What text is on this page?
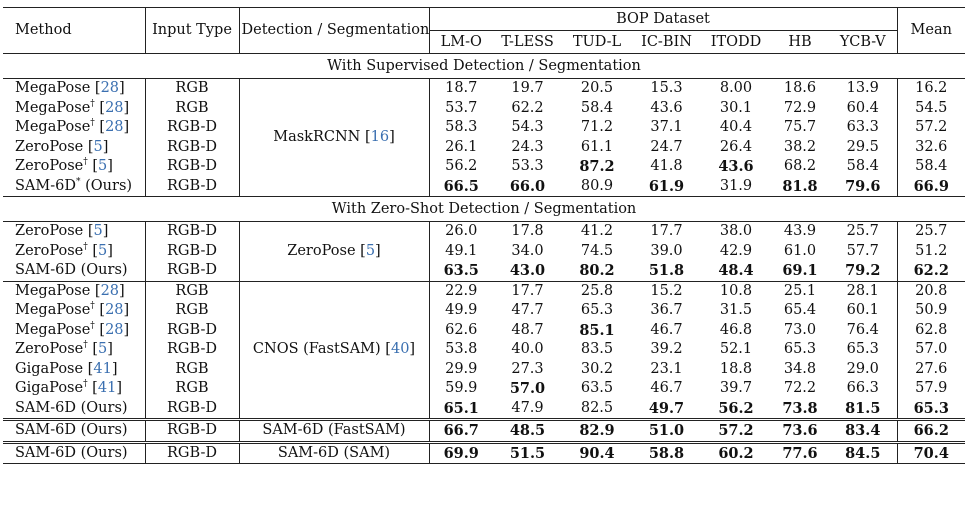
Method	Input Type	Detection / Segmentation	BOP Dataset							Mean
			LM-O	T-LESS	TUD-L	IC-BIN	ITODD	HB	YCB-V	
With Supervised Detection / Segmentation										
MegaPose [28]	RGB	MaskRCNN [16]	18.7	19.7	20.5	15.3	8.00	18.6	13.9	16.2
MegaPose† [28]	RGB		53.7	62.2	58.4	43.6	30.1	72.9	60.4	54.5
MegaPose† [28]	RGB-D		58.3	54.3	71.2	37.1	40.4	75.7	63.3	57.2
ZeroPose [5]	RGB-D		26.1	24.3	61.1	24.7	26.4	38.2	29.5	32.6
ZeroPose† [5]	RGB-D		56.2	53.3	87.2	41.8	43.6	68.2	58.4	58.4
SAM-6D* (Ours)	RGB-D		66.5	66.0	80.9	61.9	31.9	81.8	79.6	66.9
With Zero-Shot Detection / Segmentation										
ZeroPose [5]	RGB-D	ZeroPose [5]	26.0	17.8	41.2	17.7	38.0	43.9	25.7	25.7
ZeroPose† [5]	RGB-D		49.1	34.0	74.5	39.0	42.9	61.0	57.7	51.2
SAM-6D (Ours)	RGB-D		63.5	43.0	80.2	51.8	48.4	69.1	79.2	62.2
MegaPose [28]	RGB	CNOS (FastSAM) [40]	22.9	17.7	25.8	15.2	10.8	25.1	28.1	20.8
MegaPose† [28]	RGB		49.9	47.7	65.3	36.7	31.5	65.4	60.1	50.9
MegaPose† [28]	RGB-D		62.6	48.7	85.1	46.7	46.8	73.0	76.4	62.8
ZeroPose† [5]	RGB-D		53.8	40.0	83.5	39.2	52.1	65.3	65.3	57.0
GigaPose [41]	RGB		29.9	27.3	30.2	23.1	18.8	34.8	29.0	27.6
GigaPose† [41]	RGB		59.9	57.0	63.5	46.7	39.7	72.2	66.3	57.9
SAM-6D (Ours)	RGB-D		65.1	47.9	82.5	49.7	56.2	73.8	81.5	65.3
SAM-6D (Ours)	RGB-D	SAM-6D (FastSAM)	66.7	48.5	82.9	51.0	57.2	73.6	83.4	66.2
SAM-6D (Ours)	RGB-D	SAM-6D (SAM)	69.9	51.5	90.4	58.8	60.2	77.6	84.5	70.4
